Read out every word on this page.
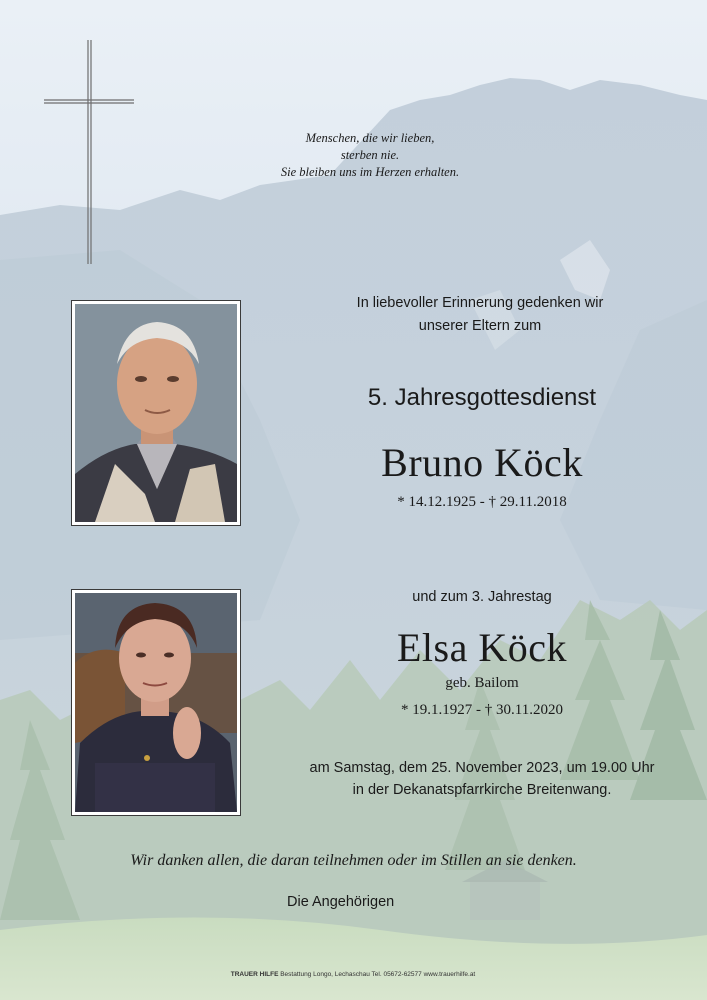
Menschen, die wir lieben,
sterben nie.
Sie bleiben uns im Herzen erhalten.
In liebevoller Erinnerung gedenken wir
unserer Eltern zum
5. Jahresgottesdienst
Bruno Köck
* 14.12.1925 - † 29.11.2018
und zum 3. Jahrestag
Elsa Köck
geb. Bailom
* 19.1.1927 - † 30.11.2020
am Samstag, dem 25. November 2023, um 19.00 Uhr
in der Dekanatspfarrkirche Breitenwang.
Wir danken allen, die daran teilnehmen oder im Stillen an sie denken.
Die Angehörigen
TRAUER HILFE Bestattung Longo, Lechaschau Tel. 05672-62577 www.trauerhilfe.at
